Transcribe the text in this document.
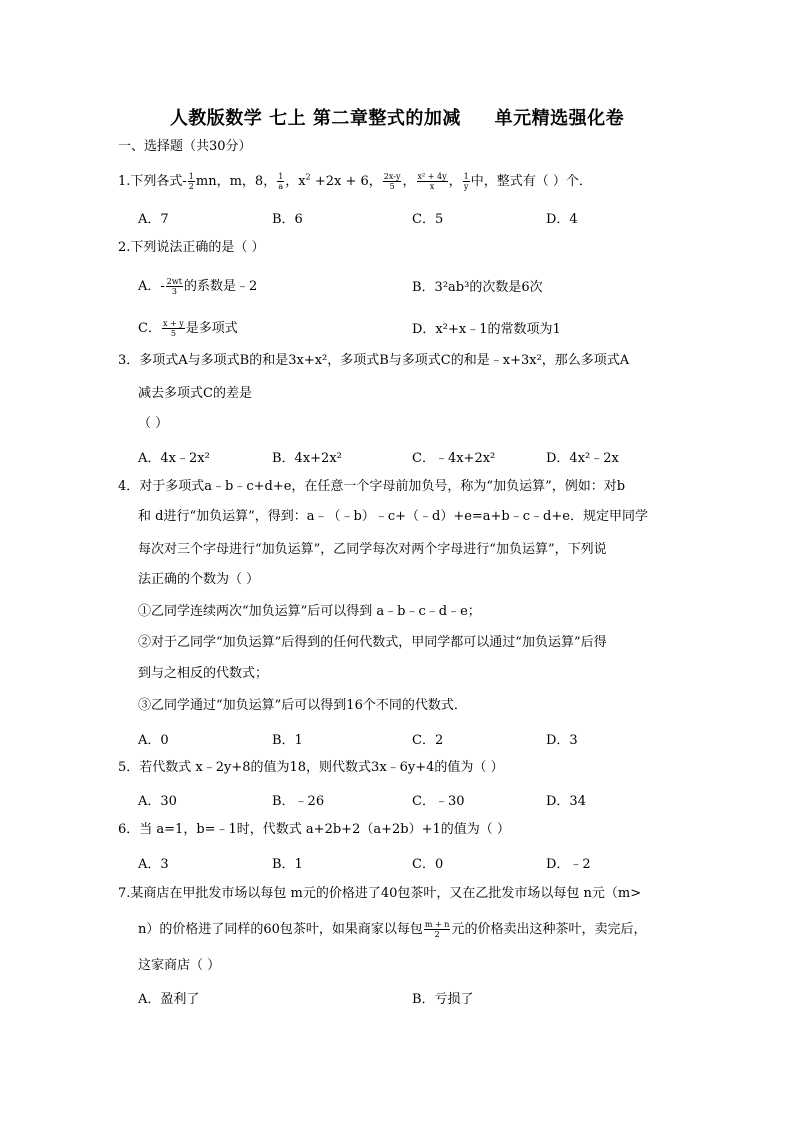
人教版数学 七上 第二章整式的加减     单元精选强化卷
一、选择题（共30分）
1.下列各式- $\frac{1}{2}$ mn，m，8， $\frac{1}{a}$ ，$x^2 +2x + 6$， $\frac{2x-y}{5}$ ， $\frac{\text{x² + 4y}}{x}$ ， $\frac{1}{y}$ 中，整式有（ ）个．
A．7	B．6	C．5	D．4
2.下列说法正确的是（ ）
A．- $\frac{2wt}{3}$ 的系数是﹣2	B．3²ab³的次数是6次
C． $\frac{x + y}{5}$ 是多项式	D．x²+x﹣1的常数项为1
3．多项式A与多项式B的和是3x+x²，多项式B与多项式C的和是﹣x+3x²，那么多项式A
减去多项式C的差是
（ ）
A．4x﹣2x²	B．4x+2x²	C．﹣4x+2x²	D．4x²﹣2x
4．对于多项式a﹣b﹣c+d+e，在任意一个字母前加负号，称为“加负运算”，例如：对b
和 d进行“加负运算”，得到：a﹣（﹣b）﹣c+（﹣d）+e=a+b﹣c﹣d+e．规定甲同学
每次对三个字母进行“加负运算”，乙同学每次对两个字母进行“加负运算”，下列说
法正确的个数为（ ）
①乙同学连续两次“加负运算”后可以得到 a﹣b﹣c﹣d﹣e；
②对于乙同学“加负运算”后得到的任何代数式，甲同学都可以通过“加负运算”后得
到与之相反的代数式；
③乙同学通过“加负运算”后可以得到16个不同的代数式．
A．0	B．1	C．2	D．3
5．若代数式 x﹣2y+8的值为18，则代数式3x﹣6y+4的值为（ ）
A．30	B．﹣26	C．﹣30	D．34
6．当 a=1，b=﹣1时，代数式 a+2b+2（a+2b）+1的值为（ ）
A．3	B．1	C．0	D．﹣2
7.某商店在甲批发市场以每包 m元的价格进了40包茶叶，又在乙批发市场以每包 n元（m>
n）的价格进了同样的60包茶叶，如果商家以每包 $\frac{m + n}{2}$ 元的价格卖出这种茶叶，卖完后，
这家商店（ ）
A．盈利了	B．亏损了
